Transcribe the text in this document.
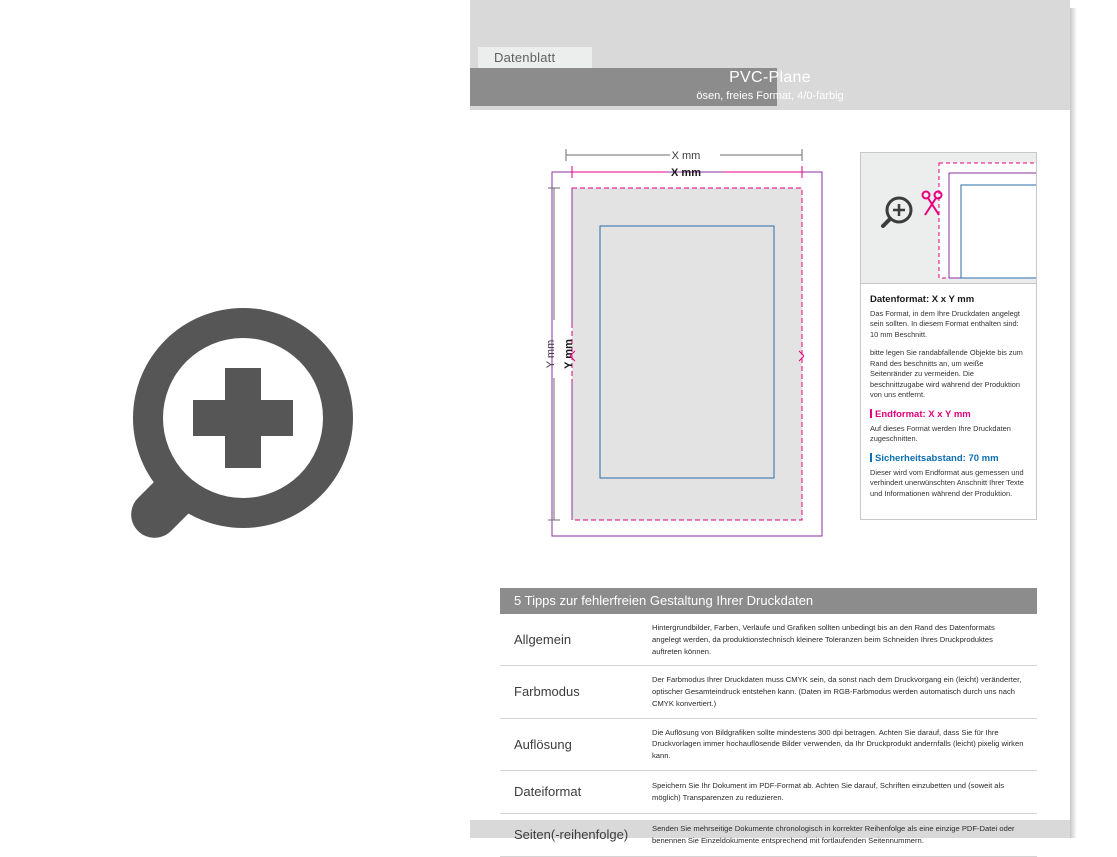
Datenblatt
PVC-Plane
ösen, freies Format, 4/0-farbig
X mm
X mm
Y mm Y mm

Datenformat: X x Y mm

Das Format, in dem Ihre Druckdaten angelegt sein sollten. In diesem Format enthalten sind: 10 mm Beschnitt.

bitte legen Sie randabfallende Objekte bis zum Rand des beschnitts an, um weiße Seitenränder zu vermeiden. Die beschnittzugabe wird während der Produktion von uns entfernt.

Endformat: X x Y mm

Auf dieses Format werden Ihre Druckdaten zugeschnitten.

Sicherheitsabstand: 70 mm

Dieser wird vom Endformat aus gemessen und verhindert unerwünschten Anschnitt Ihrer Texte und Informationen während der Produktion.

5 Tipps zur fehlerfreien Gestaltung Ihrer Druckdaten
Allgemein
Hintergrundbilder, Farben, Verläufe und Grafiken sollten unbedingt bis an den Rand des Datenformats angelegt werden, da produktionstechnisch kleinere Toleranzen beim Schneiden Ihres Druckproduktes auftreten können.
Farbmodus
Der Farbmodus Ihrer Druckdaten muss CMYK sein, da sonst nach dem Druckvorgang ein (leicht) veränderter, optischer Gesamteindruck entstehen kann. (Daten im RGB-Farbmodus werden automatisch durch uns nach CMYK konvertiert.)
Auflösung
Die Auflösung von Bildgrafiken sollte mindestens 300 dpi betragen. Achten Sie darauf, dass Sie für Ihre Druckvorlagen immer hochauflösende Bilder verwenden, da Ihr Druckprodukt andernfalls (leicht) pixelig wirken kann.
Dateiformat	Speichern Sie Ihr Dokument im PDF-Format ab. Achten Sie darauf, Schriften einzubetten und (soweit als möglich) Transparenzen zu reduzieren.
Seiten(-reihenfolge)	Senden Sie mehrseitige Dokumente chronologisch in korrekter Reihenfolge als eine einzige PDF-Datei oder benennen Sie Einzeldokumente entsprechend mit fortlaufenden Seitennummern.
